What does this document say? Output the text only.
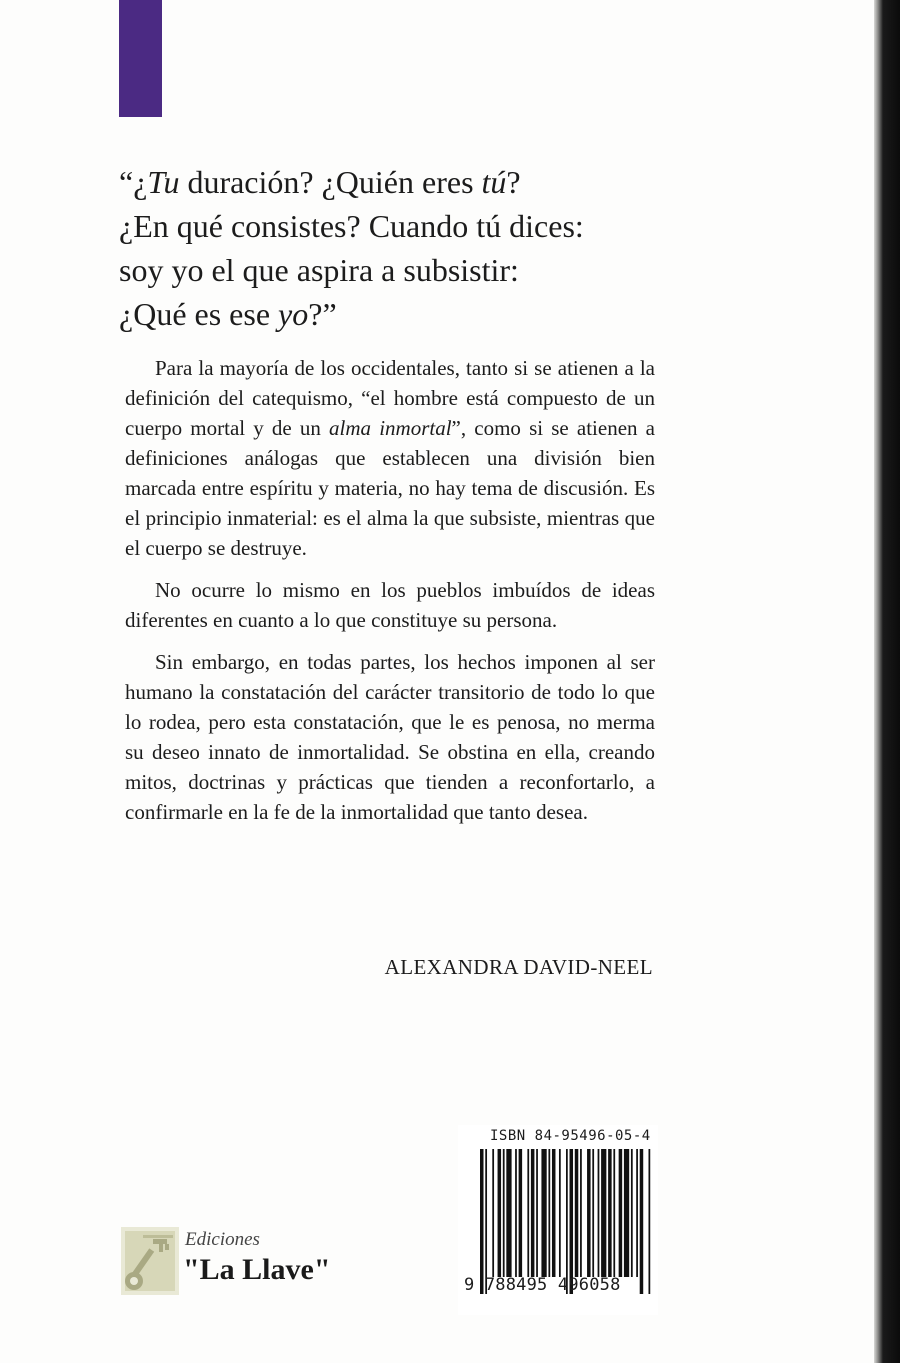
“¿Tu duración? ¿Quién eres tú?
¿En qué consistes? Cuando tú dices:
soy yo el que aspira a subsistir:
¿Qué es ese yo?”

Para la mayoría de los occidentales, tanto si se atienen a la definición del catequismo, “el hombre está compuesto de un cuerpo mortal y de un alma inmortal”, como si se atienen a definiciones análogas que establecen una división bien marcada entre espíritu y materia, no hay tema de discusión. Es el principio inmaterial: es el alma la que subsiste, mientras que el cuerpo se destruye.

No ocurre lo mismo en los pueblos imbuídos de ideas diferentes en cuanto a lo que constituye su persona.

Sin embargo, en todas partes, los hechos imponen al ser humano la constatación del carácter transitorio de todo lo que lo rodea, pero esta constatación, que le es penosa, no merma su deseo innato de inmortalidad. Se obstina en ella, creando mitos, doctrinas y prácticas que tienden a reconfortarlo, a confirmarle en la fe de la inmortalidad que tanto desea.

ALEXANDRA DAVID-NEEL
Ediciones
"La Llave"
ISBN 84-95496-05-4
9 788495 496058
